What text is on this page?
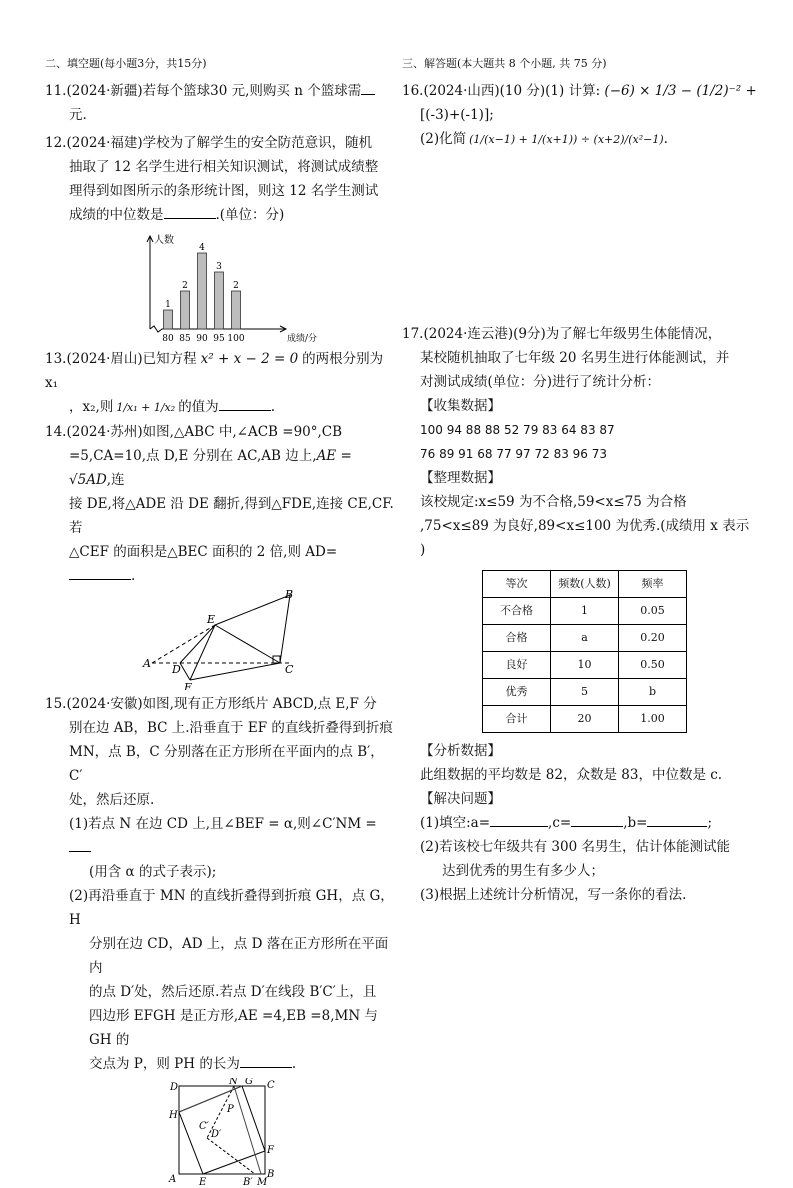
二、填空题(每小题3分，共15分)

11.(2024·新疆)若每个篮球30 元,则购买 n 个篮球需

元.

12.(2024·福建)学校为了解学生的安全防范意识，随机

抽取了 12 名学生进行相关知识测试，将测试成绩整

理得到如图所示的条形统计图，则这 12 名学生测试

成绩的中位数是	.(单位：分)

人数
成绩/分
1
80
2
85
4
90
3
95
2
100

13.(2024·眉山)已知方程 x² + x − 2 = 0 的两根分别为 x₁

，x₂,则 1/x₁ + 1/x₂ 的值为	.

14.(2024·苏州)如图,△ABC 中,∠ACB =90°,CB

=5,CA=10,点 D,E 分别在 AC,AB 边上,AE = √5AD,连

接 DE,将△ADE 沿 DE 翻折,得到△FDE,连接 CE,CF.若

△CEF 的面积是△BEC 面积的 2 倍,则 AD=.

A
B
C
D
E
F

15.(2024·安徽)如图,现有正方形纸片 ABCD,点 E,F 分

别在边 AB，BC 上.沿垂直于 EF 的直线折叠得到折痕

MN，点 B，C 分别落在正方形所在平面内的点 B′，C′

处，然后还原.

(1)若点 N 在边 CD 上,且∠BEF = α,则∠C′NM =

(用含 α 的式子表示);

(2)再沿垂直于 MN 的直线折叠得到折痕 GH，点 G，H

分别在边 CD，AD 上，点 D 落在正方形所在平面内

的点 D′处，然后还原.若点 D′在线段 B′C′上，且

四边形 EFGH 是正方形,AE =4,EB =8,MN 与 GH 的

交点为 P，则 PH 的长为	.

D
N G C
P
H
C′
D′
F
A E
B
B′ M
三、解答题(本大题共 8 个小题, 共 75 分)

16.(2024·山西)(10 分)(1) 计算: (−6) × 1/3 − (1/2)⁻² +

[(-3)+(-1)];

(2)化简 (1/(x−1) + 1/(x+1)) ÷ (x+2)/(x²−1).

17.(2024·连云港)(9分)为了解七年级男生体能情况，

某校随机抽取了七年级 20 名男生进行体能测试，并

对测试成绩(单位：分)进行了统计分析：

【收集数据】

100 94 88 88 52 79 83 64 83 87

76 89 91 68 77 97 72 83 96 73

【整理数据】

该校规定:x≤59 为不合格,59<x≤75 为合格

,75<x≤89 为良好,89<x≤100 为优秀.(成绩用 x 表示

)

等次	频数(人数)	频率
不合格	1	0.05
合格	a	0.20
良好	10	0.50
优秀	5	b
合计	20	1.00

【分析数据】

此组数据的平均数是 82，众数是 83，中位数是 c.

【解决问题】

(1)填空:a=	,c=	,b=	;

(2)若该校七年级共有 300 名男生，估计体能测试能

达到优秀的男生有多少人；

(3)根据上述统计分析情况，写一条你的看法.
